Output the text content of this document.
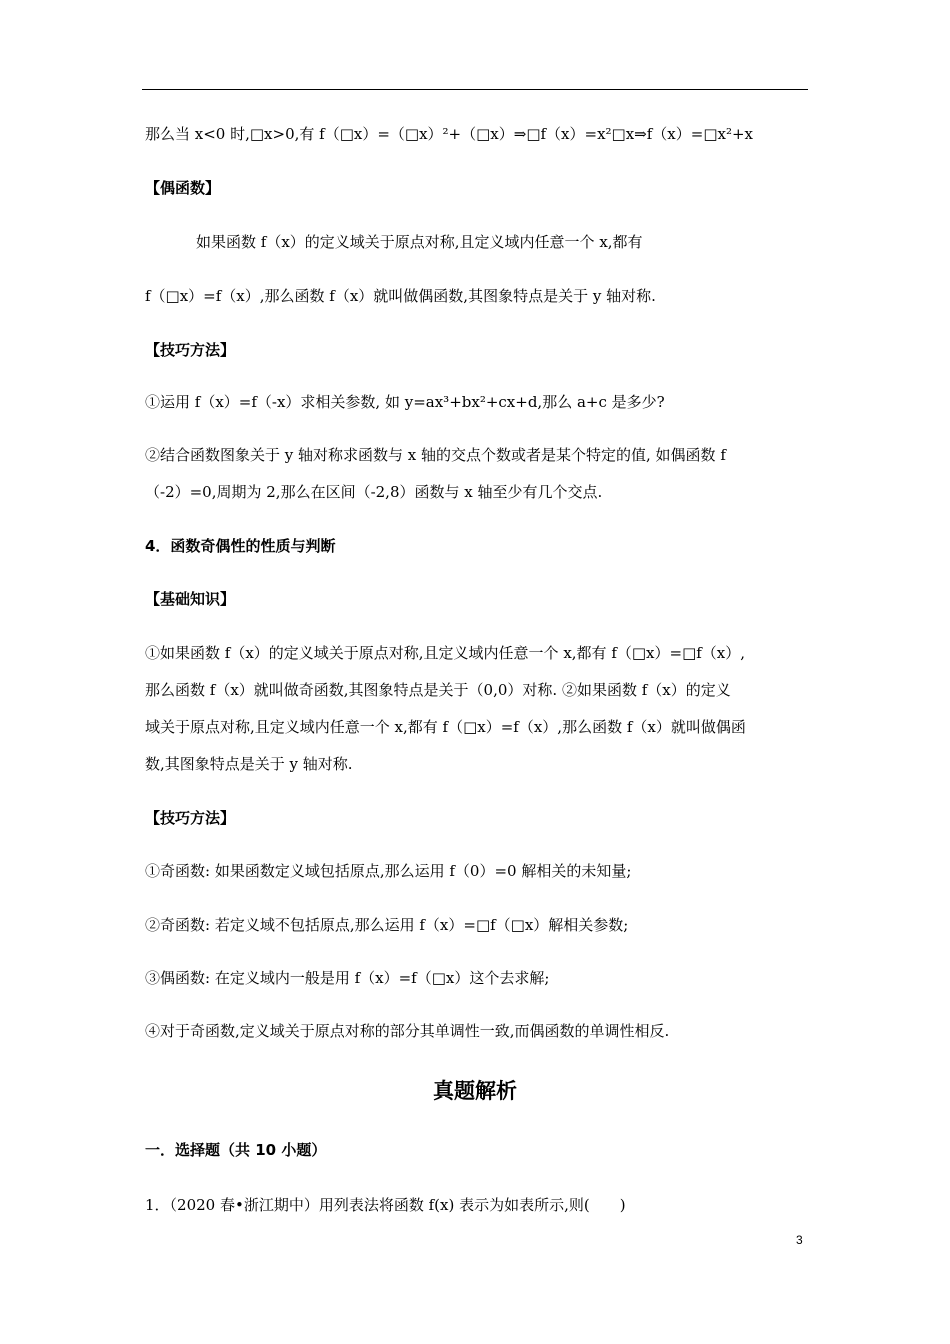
那么当 x<0 时,□x>0,有 f（□x）=（□x）²+（□x）⇒□f（x）=x²□x⇒f（x）=□x²+x
【偶函数】
如果函数 f（x）的定义域关于原点对称,且定义域内任意一个 x,都有
f（□x）=f（x）,那么函数 f（x）就叫做偶函数,其图象特点是关于 y 轴对称.
【技巧方法】
①运用 f（x）=f（-x）求相关参数, 如 y=ax³+bx²+cx+d,那么 a+c 是多少?
②结合函数图象关于 y 轴对称求函数与 x 轴的交点个数或者是某个特定的值, 如偶函数 f
（-2）=0,周期为 2,那么在区间（-2,8）函数与 x 轴至少有几个交点.
4．函数奇偶性的性质与判断
【基础知识】
①如果函数 f（x）的定义域关于原点对称,且定义域内任意一个 x,都有 f（□x）=□f（x）,
那么函数 f（x）就叫做奇函数,其图象特点是关于（0,0）对称. ②如果函数 f（x）的定义
域关于原点对称,且定义域内任意一个 x,都有 f（□x）=f（x）,那么函数 f（x）就叫做偶函
数,其图象特点是关于 y 轴对称.
【技巧方法】
①奇函数: 如果函数定义域包括原点,那么运用 f（0）=0 解相关的未知量;
②奇函数: 若定义域不包括原点,那么运用 f（x）=□f（□x）解相关参数;
③偶函数: 在定义域内一般是用 f（x）=f（□x）这个去求解;
④对于奇函数,定义域关于原点对称的部分其单调性一致,而偶函数的单调性相反.
真题解析
一．选择题（共 10 小题）
1．（2020 春•浙江期中）用列表法将函数 f(x) 表示为如表所示,则(　　)
3
